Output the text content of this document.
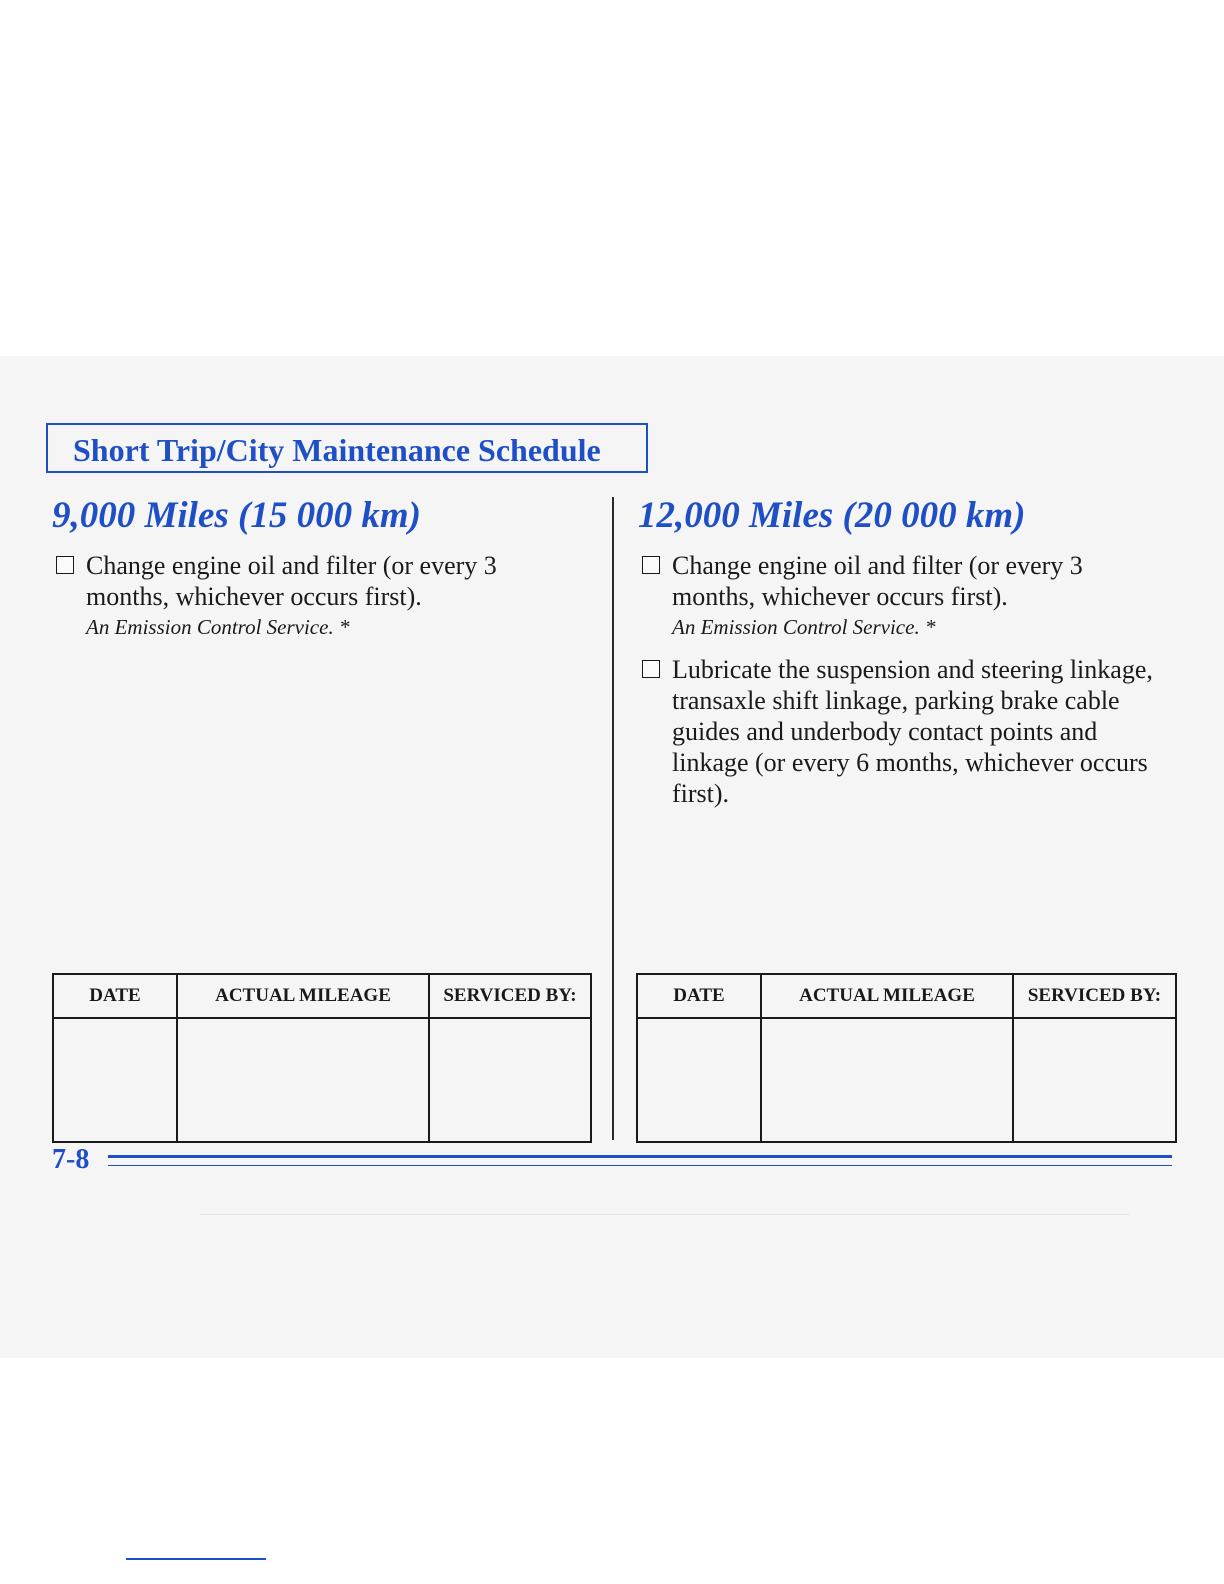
Short Trip/City Maintenance Schedule
9,000 Miles (15 000 km)

Change engine oil and filter (or every 3 months, whichever occurs first).

An Emission Control Service. *

12,000 Miles (20 000 km)

Change engine oil and filter (or every 3 months, whichever occurs first).

An Emission Control Service. *

Lubricate the suspension and steering linkage, transaxle shift linkage, parking brake cable guides and underbody contact points and linkage (or every 6 months, whichever occurs first).

DATE	ACTUAL MILEAGE	SERVICED BY:
			DATE	ACTUAL MILEAGE	SERVICED BY:

7-8
